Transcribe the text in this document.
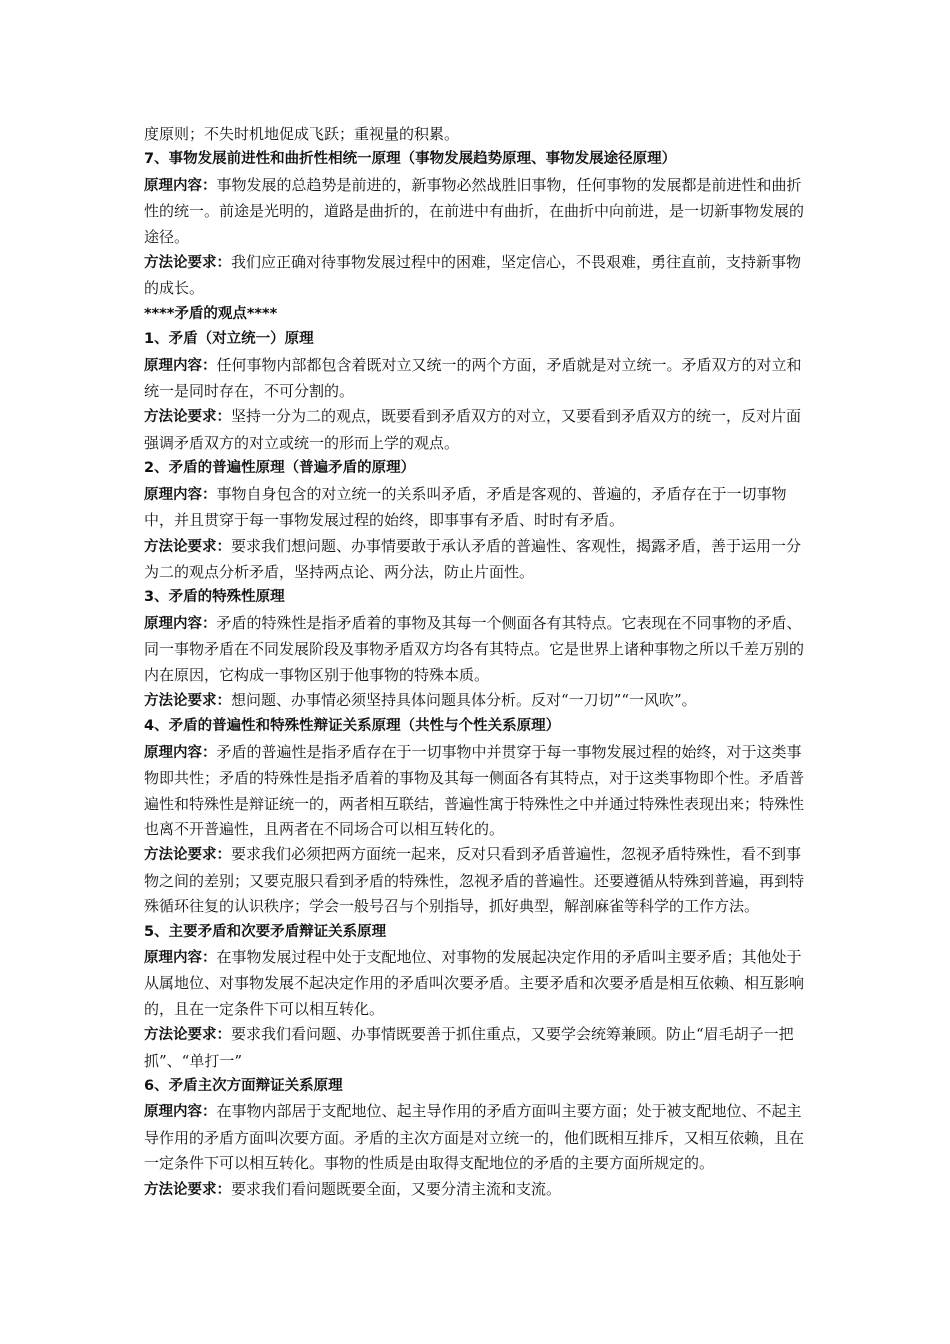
度原则；不失时机地促成飞跃；重视量的积累。

7、事物发展前进性和曲折性相统一原理（事物发展趋势原理、事物发展途径原理）

原理内容：事物发展的总趋势是前进的，新事物必然战胜旧事物，任何事物的发展都是前进性和曲折性的统一。前途是光明的，道路是曲折的，在前进中有曲折，在曲折中向前进，是一切新事物发展的途径。

方法论要求：我们应正确对待事物发展过程中的困难，坚定信心，不畏艰难，勇往直前，支持新事物的成长。

****矛盾的观点****

1、矛盾（对立统一）原理

原理内容：任何事物内部都包含着既对立又统一的两个方面，矛盾就是对立统一。矛盾双方的对立和统一是同时存在，不可分割的。

方法论要求：坚持一分为二的观点，既要看到矛盾双方的对立，又要看到矛盾双方的统一，反对片面强调矛盾双方的对立或统一的形而上学的观点。

2、矛盾的普遍性原理（普遍矛盾的原理）

原理内容：事物自身包含的对立统一的关系叫矛盾，矛盾是客观的、普遍的，矛盾存在于一切事物中，并且贯穿于每一事物发展过程的始终，即事事有矛盾、时时有矛盾。

方法论要求：要求我们想问题、办事情要敢于承认矛盾的普遍性、客观性，揭露矛盾，善于运用一分为二的观点分析矛盾，坚持两点论、两分法，防止片面性。

3、矛盾的特殊性原理

原理内容：矛盾的特殊性是指矛盾着的事物及其每一个侧面各有其特点。它表现在不同事物的矛盾、同一事物矛盾在不同发展阶段及事物矛盾双方均各有其特点。它是世界上诸种事物之所以千差万别的内在原因，它构成一事物区别于他事物的特殊本质。

方法论要求：想问题、办事情必须坚持具体问题具体分析。反对“一刀切”“一风吹”。

4、矛盾的普遍性和特殊性辩证关系原理（共性与个性关系原理）

原理内容：矛盾的普遍性是指矛盾存在于一切事物中并贯穿于每一事物发展过程的始终，对于这类事物即共性；矛盾的特殊性是指矛盾着的事物及其每一侧面各有其特点，对于这类事物即个性。矛盾普遍性和特殊性是辩证统一的，两者相互联结，普遍性寓于特殊性之中并通过特殊性表现出来；特殊性也离不开普遍性，且两者在不同场合可以相互转化的。

方法论要求：要求我们必须把两方面统一起来，反对只看到矛盾普遍性，忽视矛盾特殊性，看不到事物之间的差别；又要克服只看到矛盾的特殊性，忽视矛盾的普遍性。还要遵循从特殊到普遍，再到特殊循环往复的认识秩序；学会一般号召与个别指导，抓好典型，解剖麻雀等科学的工作方法。

5、主要矛盾和次要矛盾辩证关系原理

原理内容：在事物发展过程中处于支配地位、对事物的发展起决定作用的矛盾叫主要矛盾；其他处于从属地位、对事物发展不起决定作用的矛盾叫次要矛盾。主要矛盾和次要矛盾是相互依赖、相互影响的，且在一定条件下可以相互转化。

方法论要求：要求我们看问题、办事情既要善于抓住重点，又要学会统筹兼顾。防止“眉毛胡子一把抓”、“单打一”

6、矛盾主次方面辩证关系原理

原理内容：在事物内部居于支配地位、起主导作用的矛盾方面叫主要方面；处于被支配地位、不起主导作用的矛盾方面叫次要方面。矛盾的主次方面是对立统一的，他们既相互排斥，又相互依赖，且在一定条件下可以相互转化。事物的性质是由取得支配地位的矛盾的主要方面所规定的。

方法论要求：要求我们看问题既要全面，又要分清主流和支流。
